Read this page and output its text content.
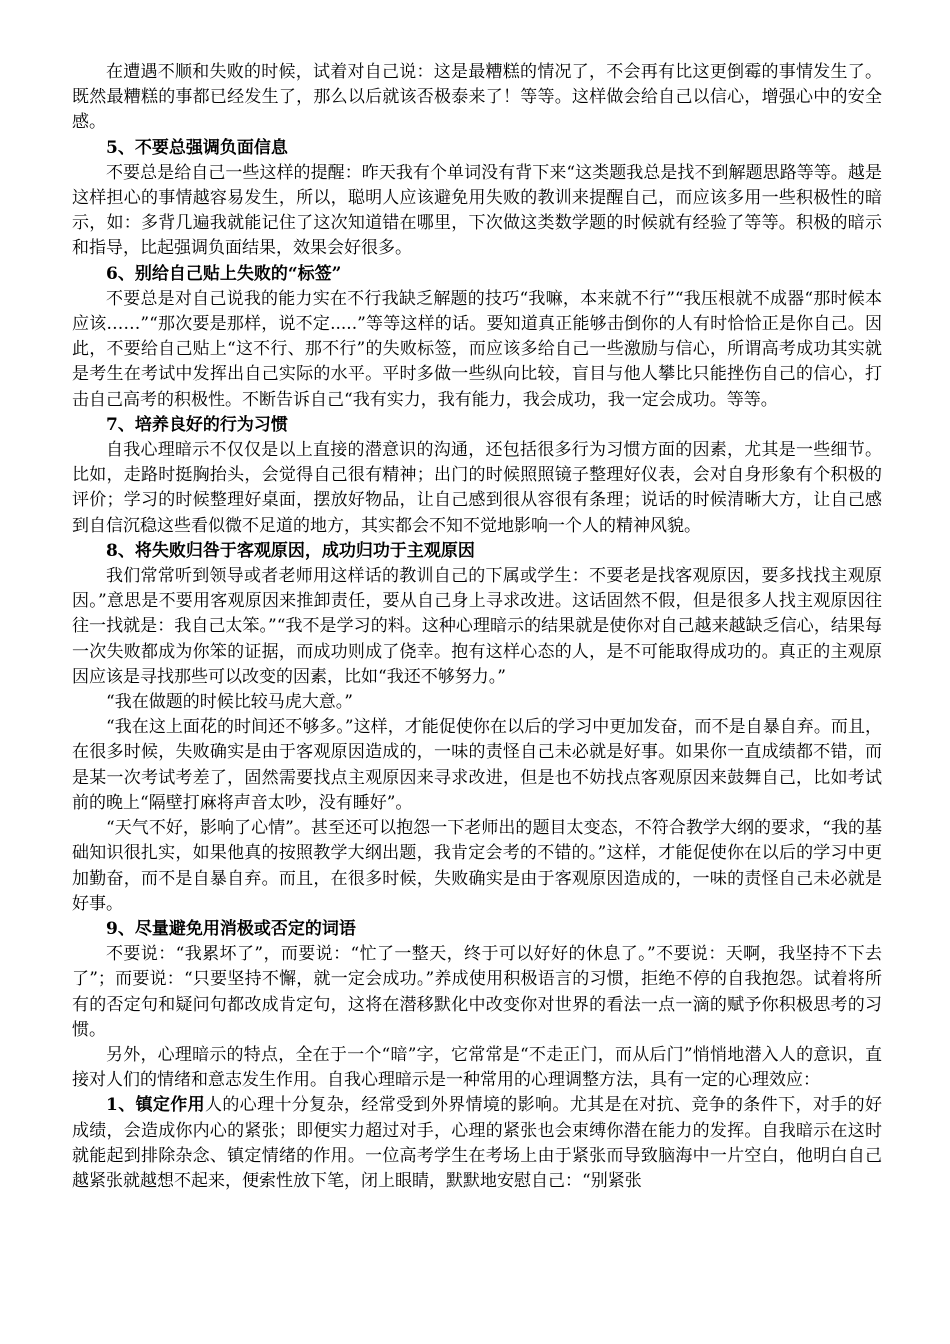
在遭遇不顺和失败的时候，试着对自己说：这是最糟糕的情况了，不会再有比这更倒霉的事情发生了。既然最糟糕的事都已经发生了，那么以后就该否极泰来了！等等。这样做会给自己以信心，增强心中的安全感。

5、不要总强调负面信息

不要总是给自己一些这样的提醒：昨天我有个单词没有背下来“这类题我总是找不到解题思路等等。越是这样担心的事情越容易发生，所以，聪明人应该避免用失败的教训来提醒自己，而应该多用一些积极性的暗示，如：多背几遍我就能记住了这次知道错在哪里，下次做这类数学题的时候就有经验了等等。积极的暗示和指导，比起强调负面结果，效果会好很多。

6、别给自己贴上失败的“标签”

不要总是对自己说我的能力实在不行我缺乏解题的技巧“我嘛，本来就不行”“我压根就不成器“那时候本应该……”“那次要是那样，说不定.....”等等这样的话。要知道真正能够击倒你的人有时恰恰正是你自己。因此，不要给自己贴上“这不行、那不行”的失败标签，而应该多给自己一些激励与信心，所谓高考成功其实就是考生在考试中发挥出自己实际的水平。平时多做一些纵向比较，盲目与他人攀比只能挫伤自己的信心，打击自己高考的积极性。不断告诉自己“我有实力，我有能力，我会成功，我一定会成功。等等。

7、培养良好的行为习惯

自我心理暗示不仅仅是以上直接的潜意识的沟通，还包括很多行为习惯方面的因素，尤其是一些细节。比如，走路时挺胸抬头，会觉得自己很有精神；出门的时候照照镜子整理好仪表，会对自身形象有个积极的评价；学习的时候整理好桌面，摆放好物品，让自己感到很从容很有条理；说话的时候清晰大方，让自己感到自信沉稳这些看似微不足道的地方，其实都会不知不觉地影响一个人的精神风貌。

8、将失败归咎于客观原因，成功归功于主观原因

我们常常听到领导或者老师用这样话的教训自己的下属或学生：不要老是找客观原因，要多找找主观原因。”意思是不要用客观原因来推卸责任，要从自己身上寻求改进。这话固然不假，但是很多人找主观原因往往一找就是：我自己太笨。”“我不是学习的料。这种心理暗示的结果就是使你对自己越来越缺乏信心，结果每一次失败都成为你笨的证据，而成功则成了侥幸。抱有这样心态的人，是不可能取得成功的。真正的主观原因应该是寻找那些可以改变的因素，比如“我还不够努力。”

“我在做题的时候比较马虎大意。”

“我在这上面花的时间还不够多。”这样，才能促使你在以后的学习中更加发奋，而不是自暴自弃。而且，在很多时候，失败确实是由于客观原因造成的，一味的责怪自己未必就是好事。如果你一直成绩都不错，而是某一次考试考差了，固然需要找点主观原因来寻求改进，但是也不妨找点客观原因来鼓舞自己，比如考试前的晚上“隔壁打麻将声音太吵，没有睡好”。

“天气不好，影响了心情”。甚至还可以抱怨一下老师出的题目太变态，不符合教学大纲的要求，“我的基础知识很扎实，如果他真的按照教学大纲出题，我肯定会考的不错的。”这样，才能促使你在以后的学习中更加勤奋，而不是自暴自弃。而且，在很多时候，失败确实是由于客观原因造成的，一味的责怪自己未必就是好事。

9、尽量避免用消极或否定的词语

不要说：“我累坏了”，而要说：“忙了一整天，终于可以好好的休息了。”不要说：天啊，我坚持不下去了”；而要说：“只要坚持不懈，就一定会成功。”养成使用积极语言的习惯，拒绝不停的自我抱怨。试着将所有的否定句和疑问句都改成肯定句，这将在潜移默化中改变你对世界的看法一点一滴的赋予你积极思考的习惯。

另外，心理暗示的特点，全在于一个“暗”字，它常常是“不走正门，而从后门”悄悄地潜入人的意识，直接对人们的情绪和意志发生作用。自我心理暗示是一种常用的心理调整方法，具有一定的心理效应：

1、镇定作用人的心理十分复杂，经常受到外界情境的影响。尤其是在对抗、竞争的条件下，对手的好成绩，会造成你内心的紧张；即便实力超过对手，心理的紧张也会束缚你潜在能力的发挥。自我暗示在这时就能起到排除杂念、镇定情绪的作用。一位高考学生在考场上由于紧张而导致脑海中一片空白，他明白自己越紧张就越想不起来，便索性放下笔，闭上眼睛，默默地安慰自己：“别紧张
